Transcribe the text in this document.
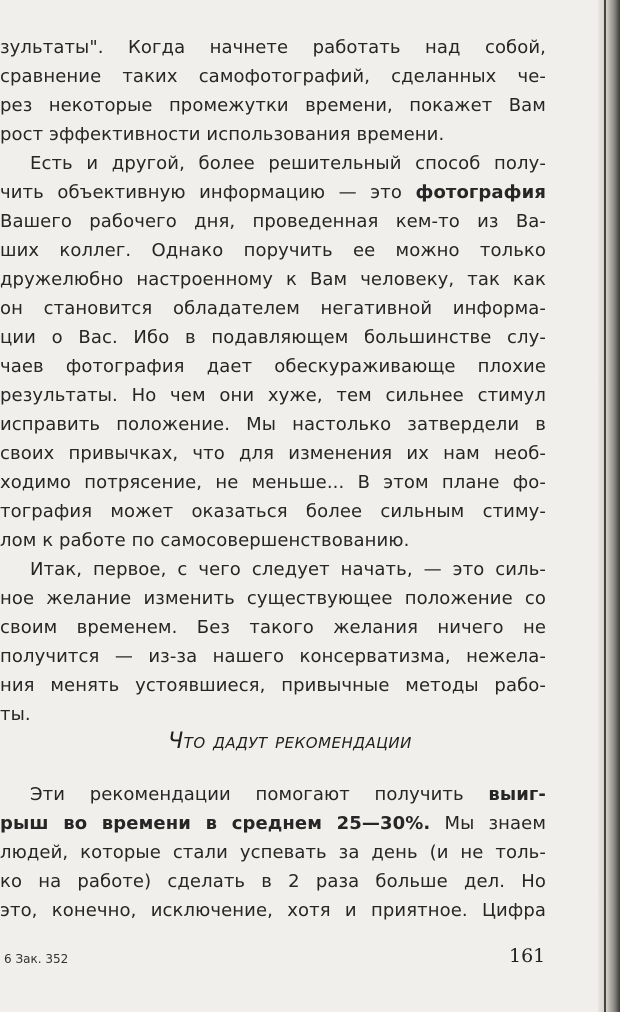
зультаты". Когда начнете работать над собой,
сравнение таких самофотографий, сделанных че-
рез некоторые промежутки времени, покажет Вам
рост эффективности использования времени.
Есть и другой, более решительный способ полу-
чить объективную информацию — это фотография
Вашего рабочего дня, проведенная кем-то из Ва-
ших коллег. Однако поручить ее можно только
дружелюбно настроенному к Вам человеку, так как
он становится обладателем негативной информа-
ции о Вас. Ибо в подавляющем большинстве слу-
чаев фотография дает обескураживающе плохие
результаты. Но чем они хуже, тем сильнее стимул
исправить положение. Мы настолько затвердели в
своих привычках, что для изменения их нам необ-
ходимо потрясение, не меньше... В этом плане фо-
тография может оказаться более сильным стиму-
лом к работе по самосовершенствованию.
Итак, первое, с чего следует начать, — это силь-
ное желание изменить существующее положение со
своим временем. Без такого желания ничего не
получится — из-за нашего консерватизма, нежела-
ния менять устоявшиеся, привычные методы рабо-
ты.
Что дадут рекомендации
Эти рекомендации помогают получить выиг-
рыш во времени в среднем 25—30%. Мы знаем
людей, которые стали успевать за день (и не толь-
ко на работе) сделать в 2 раза больше дел. Но
это, конечно, исключение, хотя и приятное. Цифра
6 Зак. 352	161
